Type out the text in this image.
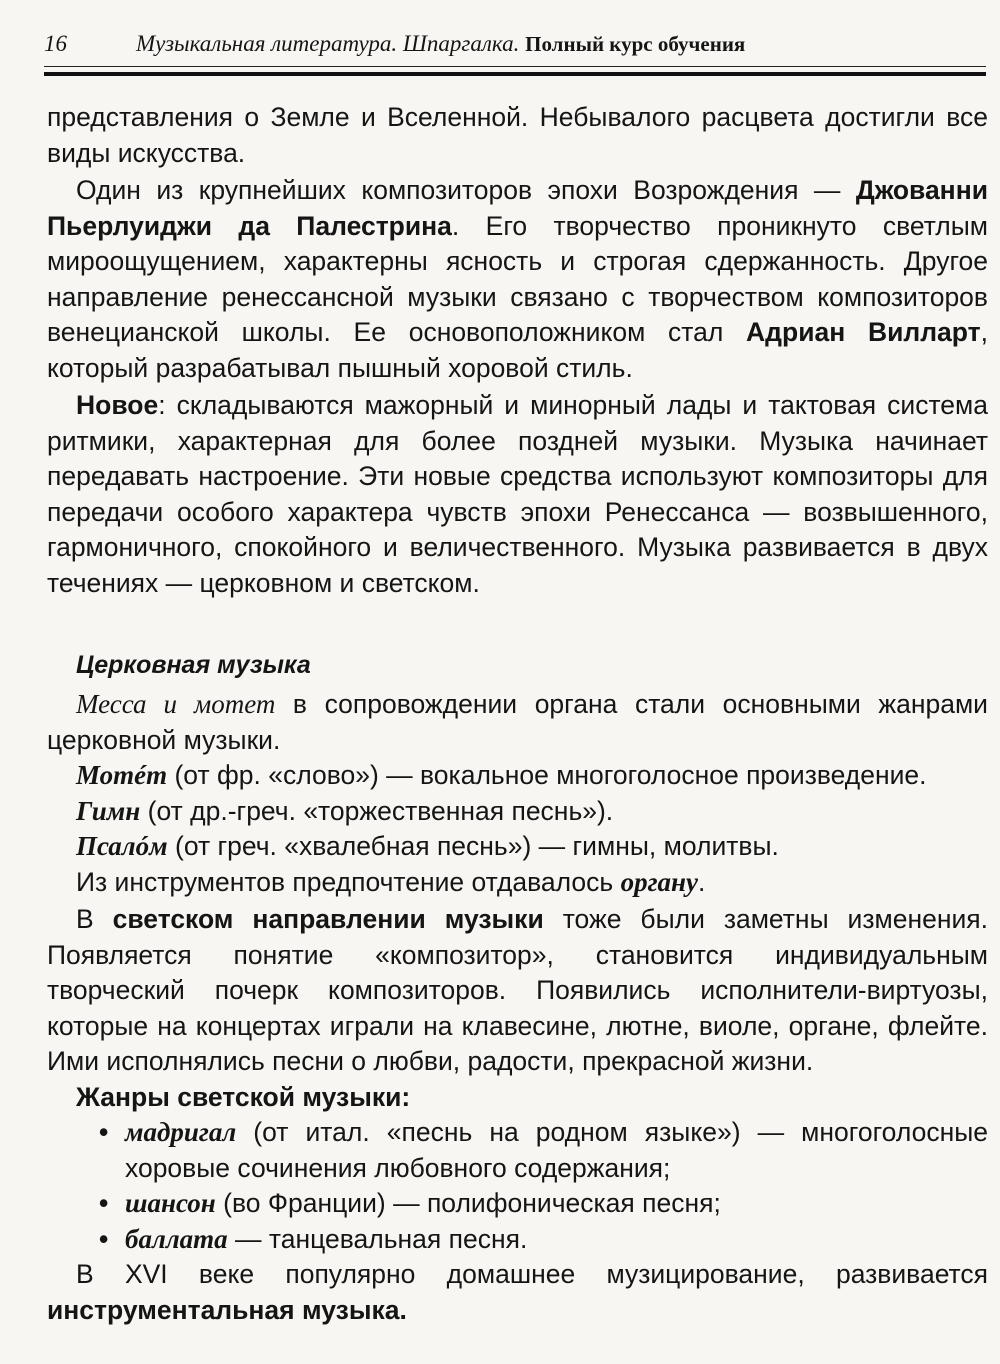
16	Музыкальная литература. Шпаргалка. Полный курс обучения

представления о Земле и Вселенной. Небывалого расцвета достигли все виды искусства.

Один из крупнейших композиторов эпохи Возрождения — Джованни Пьерлуиджи да Палестрина. Его творчество проникнуто светлым мироощущением, характерны ясность и строгая сдержанность. Другое направление ренессансной музыки связано с творчеством композиторов венецианской школы. Ее основоположником стал Адриан Вилларт, который разрабатывал пышный хоровой стиль.

Новое: складываются мажорный и минорный лады и тактовая система ритмики, характерная для более поздней музыки. Музыка начинает передавать настроение. Эти новые средства используют композиторы для передачи особого характера чувств эпохи Ренессанса — возвышенного, гармоничного, спокойного и величественного. Музыка развивается в двух течениях — церковном и светском.

Церковная музыка

Месса и мотет в сопровождении органа стали основными жанрами церковной музыки.

Мотéт (от фр. «слово») — вокальное многоголосное произведение.

Гимн (от др.-греч. «торжественная песнь»).

Псалóм (от греч. «хвалебная песнь») — гимны, молитвы.

Из инструментов предпочтение отдавалось органу.

В светском направлении музыки тоже были заметны изменения. Появляется понятие «композитор», становится индивидуальным творческий почерк композиторов. Появились исполнители-виртуозы, которые на концертах играли на клавесине, лютне, виоле, органе, флейте. Ими исполнялись песни о любви, радости, прекрасной жизни.

Жанры светской музыки:

• мадригал (от итал. «песнь на родном языке») — многоголосные хоровые сочинения любовного содержания;
• шансон (во Франции) — полифоническая песня;
• баллата — танцевальная песня.

В XVI веке популярно домашнее музицирование, развивается инструментальная музыка.
